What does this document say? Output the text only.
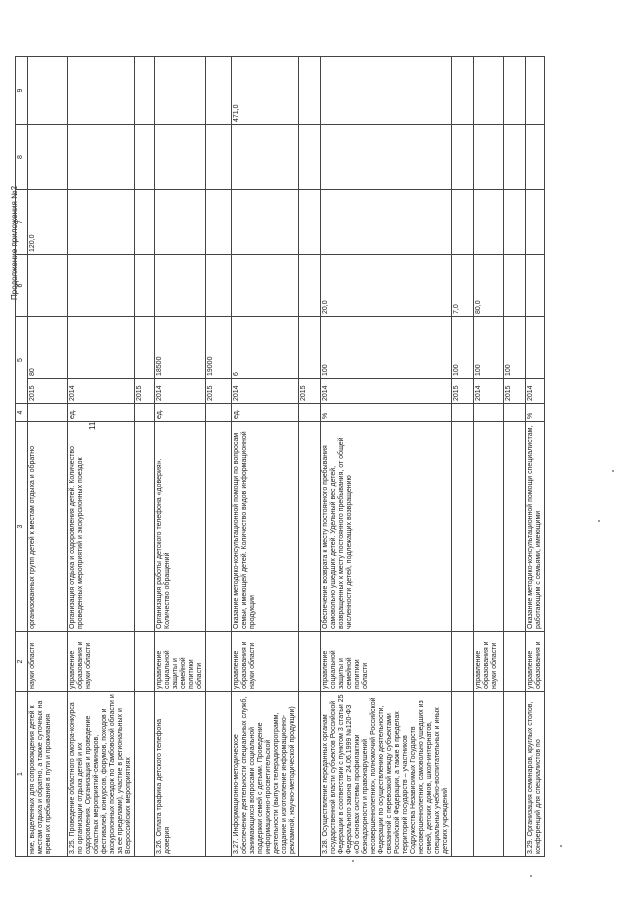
11
Продолжение приложения №2
1	2	3	4	5		6	7	8	9
ние, выделенных для сопровождения детей к местам отдыха и обратно, а также суточных на время их пребывания в пути и проживания	науки области	организованных групп детей к местам отдыха и обратно		2015	80		120,0		
3.25. Проведение областного смотра-конкурса по организации отдыха детей и их оздоровления. Организация и проведение областных мероприятий-семинаров, фестивалей, конкурсов, форумов, походов и экскурсионных поездок по Тамбовской области и за ее пределами), участие в региональных и Всероссийских мероприятиях	управление образования и науки области	Организация отдыха и оздоровления детей. Количество проведенных мероприятий и экскурсионных поездок	ед.	2014					
				2015					
3.26. Оплата трафика детского телефона доверия	управление социальной защиты и семейной политики области	Организация работы детского телефона «доверия». Количество обращений	ед.	2014	18500				
				2015	19000				
3.27. Информационно-методическое обеспечение деятельности специальных служб, занимающихся вопросами социальной поддержки семей с детьми. Проведение информационно-просветительской деятельности (выпуск телерадиопрограмм, создание и изготовление информационно-рекламной, научно-методической продукции)	управление образования и науки области	Оказание методико-консультационной помощи по вопросам семьи, имеющей детей. Количество видов информационной продукции	ед.	2014	6				471,0
				2015					
3.28. Осуществление переданных органам государственной власти субъектов Российской Федерации в соответствии с пунктом 3 статьи 25 Федерального закона от 24.06.1999 №120-ФЗ «Об основах системы профилактики безнадзорности и правонарушений несовершеннолетних», полномочий Российской Федерации по осуществлению деятельности, связанной с перевозкой между субъектами Российской Федерации, а также в пределах территорий государств – участников Содружества Независимых Государств несовершеннолетних, самовольно ушедших из семей, детских домов, школ-интернатов, специальных учебно-воспитательных и иных детских учреждений	управление социальной защиты и семейной политики области	Обеспечение возврата к месту постоянного пребывания самовольно ушедших детей. Удельный вес детей, возвращенных к месту постоянного пребывания, от общей численности детей, подлежащих возвращению	%	2014	100	20,0			
				2015	100	7,0			
	управление образования и науки области			2014	100	80,0			
				2015	100				
3.29. Организация семинаров, круглых столов, конференций для специалистов по	управление образования и	Оказание методико-консультационной помощи специалистам, работающим с семьями, имеющими	%	2014					
